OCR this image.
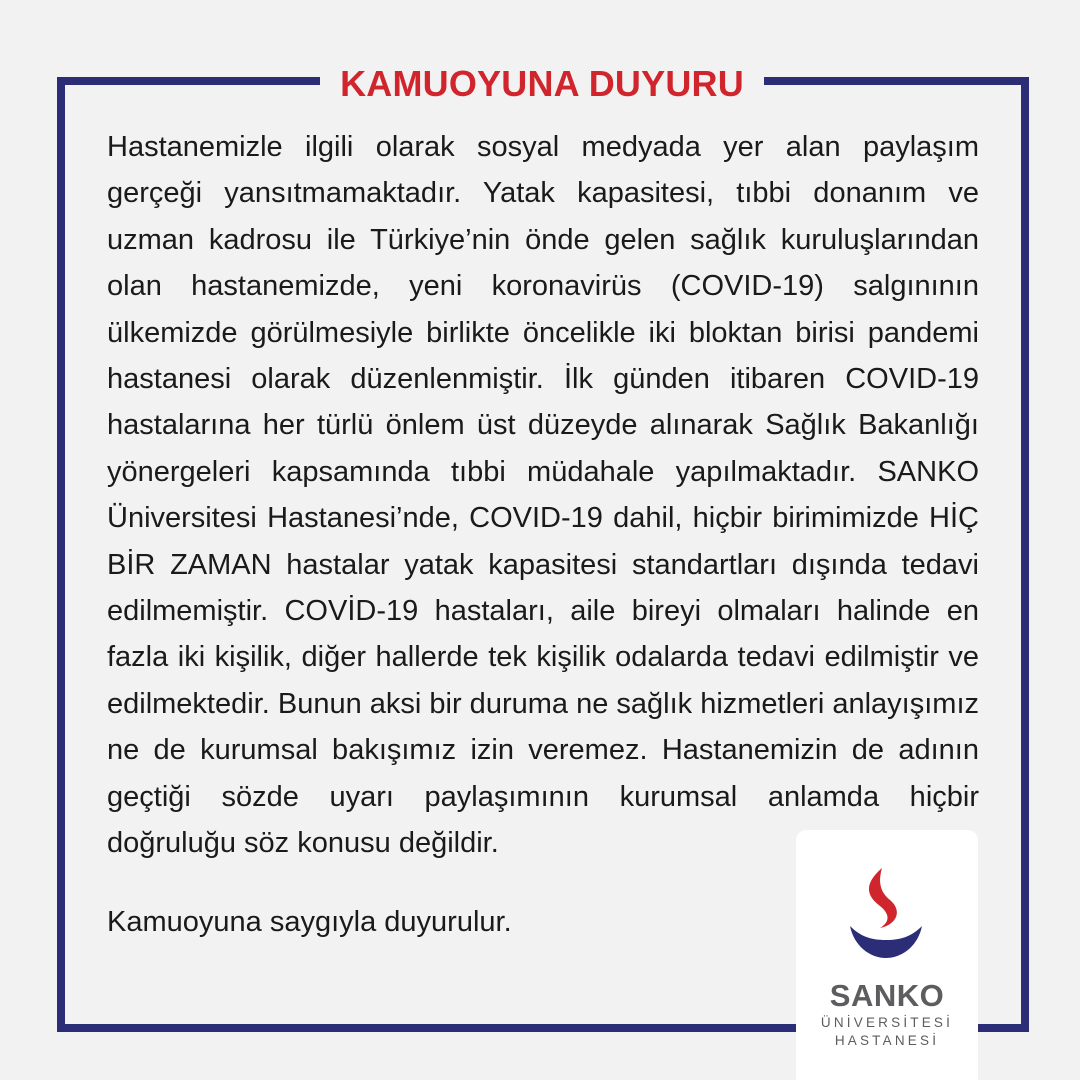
KAMUOYUNA DUYURU

Hastanemizle ilgili olarak sosyal medyada yer alan paylaşım gerçeği yansıtmamaktadır. Yatak kapasitesi, tıbbi donanım ve uzman kadrosu ile Türkiye’nin önde gelen sağlık kuruluşlarından olan hastanemizde, yeni koronavirüs (COVID-19) salgınının ülkemizde görülmesiyle birlikte öncelikle iki bloktan birisi pandemi hastanesi olarak düzenlenmiştir. İlk günden itibaren COVID-19 hastalarına her türlü önlem üst düzeyde alınarak Sağlık Bakanlığı yönergeleri kapsamında tıbbi müdahale yapılmaktadır. SANKO Üniversitesi Hastanesi’nde, COVID-19 dahil, hiçbir birimimizde HİÇ BİR ZAMAN hastalar yatak kapasitesi standartları dışında tedavi edilmemiştir. COVİD-19 hastaları, aile bireyi olmaları halinde en fazla iki kişilik, diğer hallerde tek kişilik odalarda tedavi edilmiştir ve edilmektedir. Bunun aksi bir duruma ne sağlık hizmetleri anlayışımız ne de kurumsal bakışımız izin veremez. Hastanemizin de adının geçtiği sözde uyarı paylaşımının kurumsal anlamda hiçbir doğruluğu söz konusu değildir.

Kamuoyuna saygıyla duyurulur.

SANKO
ÜNİVERSİTESİ
HASTANESİ
